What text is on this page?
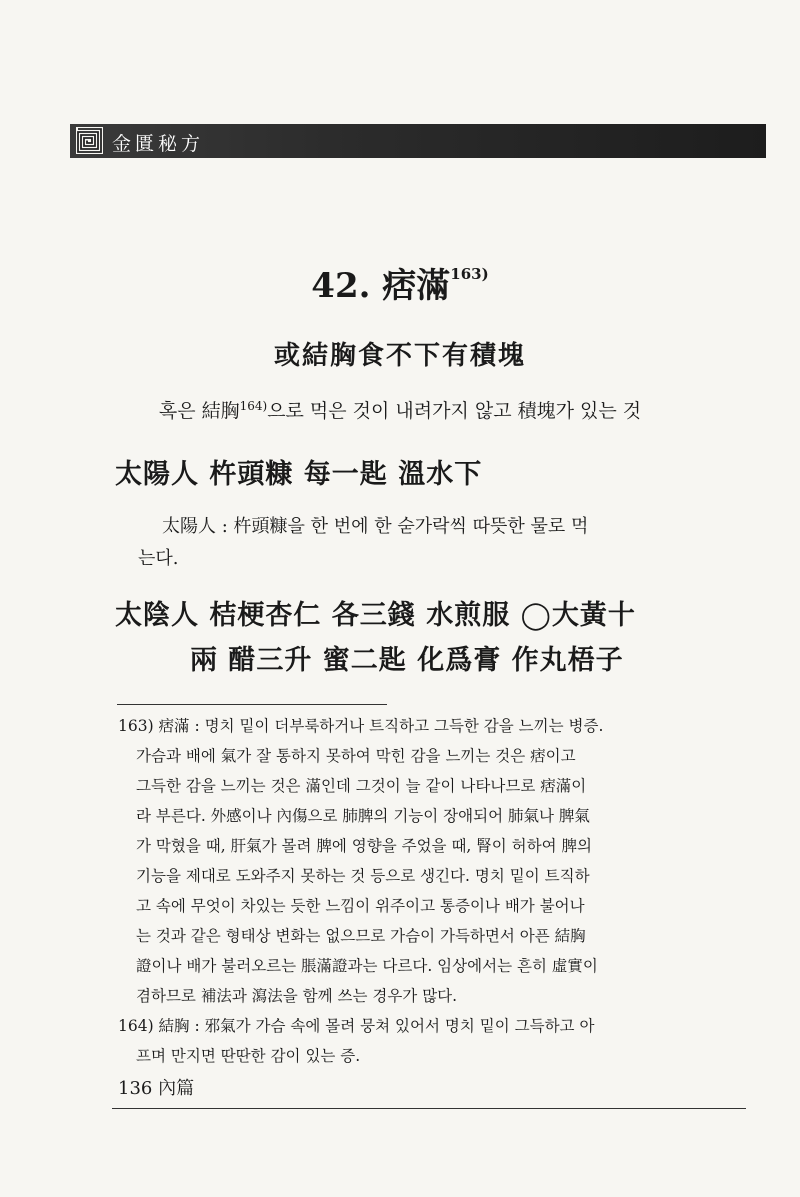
金匱秘方
42. 痞滿$^{163)}$
或結胸食不下有積塊
혹은 結胸$^{164)}$으로 먹은 것이 내려가지 않고 積塊가 있는 것
太陽人 杵頭糠 每一匙 溫水下
太陽人 : 杵頭糠을 한 번에 한 숟가락씩 따뜻한 물로 먹
는다.
太陰人 桔梗杏仁 各三錢 水煎服 ◯大黃十
兩 醋三升 蜜二匙 化爲膏 作丸梧子
163) 痞滿 : 명치 밑이 더부룩하거나 트직하고 그득한 감을 느끼는 병증.
가슴과 배에 氣가 잘 통하지 못하여 막힌 감을 느끼는 것은 痞이고
그득한 감을 느끼는 것은 滿인데 그것이 늘 같이 나타나므로 痞滿이
라 부른다. 外感이나 內傷으로 肺脾의 기능이 장애되어 肺氣나 脾氣
가 막혔을 때, 肝氣가 몰려 脾에 영향을 주었을 때, 腎이 허하여 脾의
기능을 제대로 도와주지 못하는 것 등으로 생긴다. 명치 밑이 트직하
고 속에 무엇이 차있는 듯한 느낌이 위주이고 통증이나 배가 불어나
는 것과 같은 형태상 변화는 없으므로 가슴이 가득하면서 아픈 結胸
證이나 배가 불러오르는 脹滿證과는 다르다. 임상에서는 흔히 虛實이
겸하므로 補法과 瀉法을 함께 쓰는 경우가 많다.
164) 結胸 : 邪氣가 가슴 속에 몰려 뭉쳐 있어서 명치 밑이 그득하고 아
프며 만지면 딴딴한 감이 있는 증.
136 內篇
